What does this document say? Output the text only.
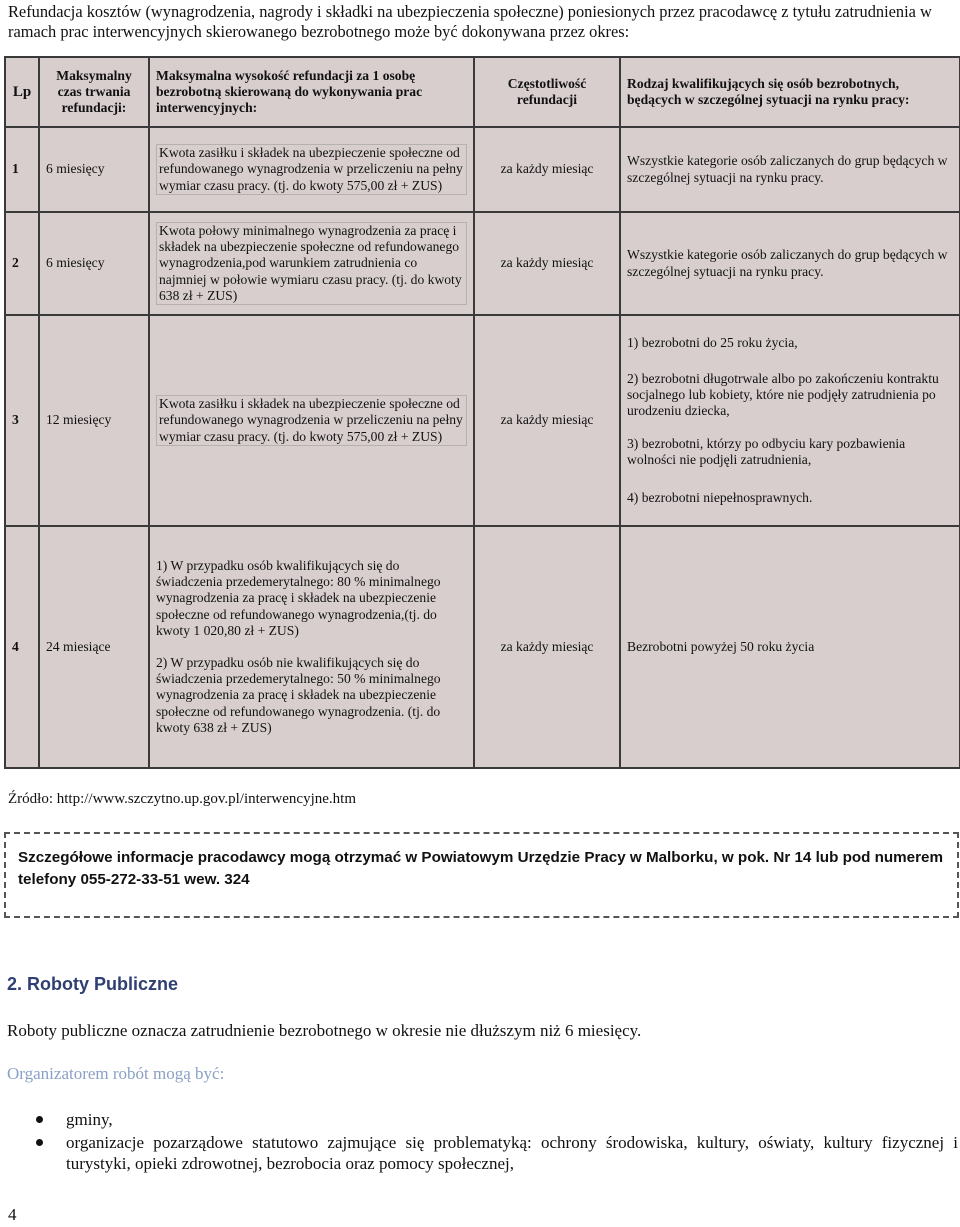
Refundacja kosztów (wynagrodzenia, nagrody i składki na ubezpieczenia społeczne) poniesionych przez pracodawcę z tytułu zatrudnienia w ramach prac interwencyjnych skierowanego bezrobotnego może być dokonywana przez okres:
Lp	Maksymalny czas trwania refundacji:	Maksymalna wysokość refundacji za 1 osobę bezrobotną skierowaną do wykonywania prac interwencyjnych:	Częstotliwość refundacji	Rodzaj kwalifikujących się osób bezrobotnych, będących w szczególnej sytuacji na rynku pracy:
1	6 miesięcy	Kwota zasiłku i składek na ubezpieczenie społeczne od refundowanego wynagrodzenia w przeliczeniu na pełny wymiar czasu pracy. (tj. do kwoty 575,00 zł + ZUS)	za każdy miesiąc	Wszystkie kategorie osób zaliczanych do grup będących w szczególnej sytuacji na rynku pracy.
2	6 miesięcy	Kwota połowy minimalnego wynagrodzenia za pracę i składek na ubezpieczenie społeczne od refundowanego wynagrodzenia,pod warunkiem zatrudnienia co najmniej w połowie wymiaru czasu pracy. (tj. do kwoty 638 zł + ZUS)	za każdy miesiąc	Wszystkie kategorie osób zaliczanych do grup będących w szczególnej sytuacji na rynku pracy.
3	12 miesięcy	Kwota zasiłku i składek na ubezpieczenie społeczne od refundowanego wynagrodzenia w przeliczeniu na pełny wymiar czasu pracy. (tj. do kwoty 575,00 zł + ZUS)	za każdy miesiąc	1) bezrobotni do 25 roku życia,
2) bezrobotni długotrwale albo po zakończeniu kontraktu socjalnego lub kobiety, które nie podjęły zatrudnienia po urodzeniu dziecka,
3) bezrobotni, którzy po odbyciu kary pozbawienia wolności nie podjęli zatrudnienia,
4) bezrobotni niepełnosprawnych.

4	24 miesiące	1) W przypadku osób kwalifikujących się do świadczenia przedemerytalnego: 80 % minimalnego wynagrodzenia za pracę i składek na ubezpieczenie społeczne od refundowanego wynagrodzenia,(tj. do kwoty 1 020,80 zł + ZUS)
2) W przypadku osób nie kwalifikujących się do świadczenia przedemerytalnego: 50 % minimalnego wynagrodzenia za pracę i składek na ubezpieczenie społeczne od refundowanego wynagrodzenia. (tj. do kwoty 638 zł + ZUS)	za każdy miesiąc	Bezrobotni powyżej 50 roku życia
Źródło: http://www.szczytno.up.gov.pl/interwencyjne.htm
Szczegółowe informacje pracodawcy mogą otrzymać w Powiatowym Urzędzie Pracy w Malborku, w pok. Nr 14 lub pod numerem telefony 055-272-33-51 wew. 324
2. Roboty Publiczne
Roboty publiczne oznacza zatrudnienie bezrobotnego w okresie nie dłuższym niż 6 miesięcy.
Organizatorem robót mogą być:
gminy,
organizacje pozarządowe statutowo zajmujące się problematyką: ochrony środowiska, kultury, oświaty, kultury fizycznej i turystyki, opieki zdrowotnej, bezrobocia oraz pomocy społecznej,
4
